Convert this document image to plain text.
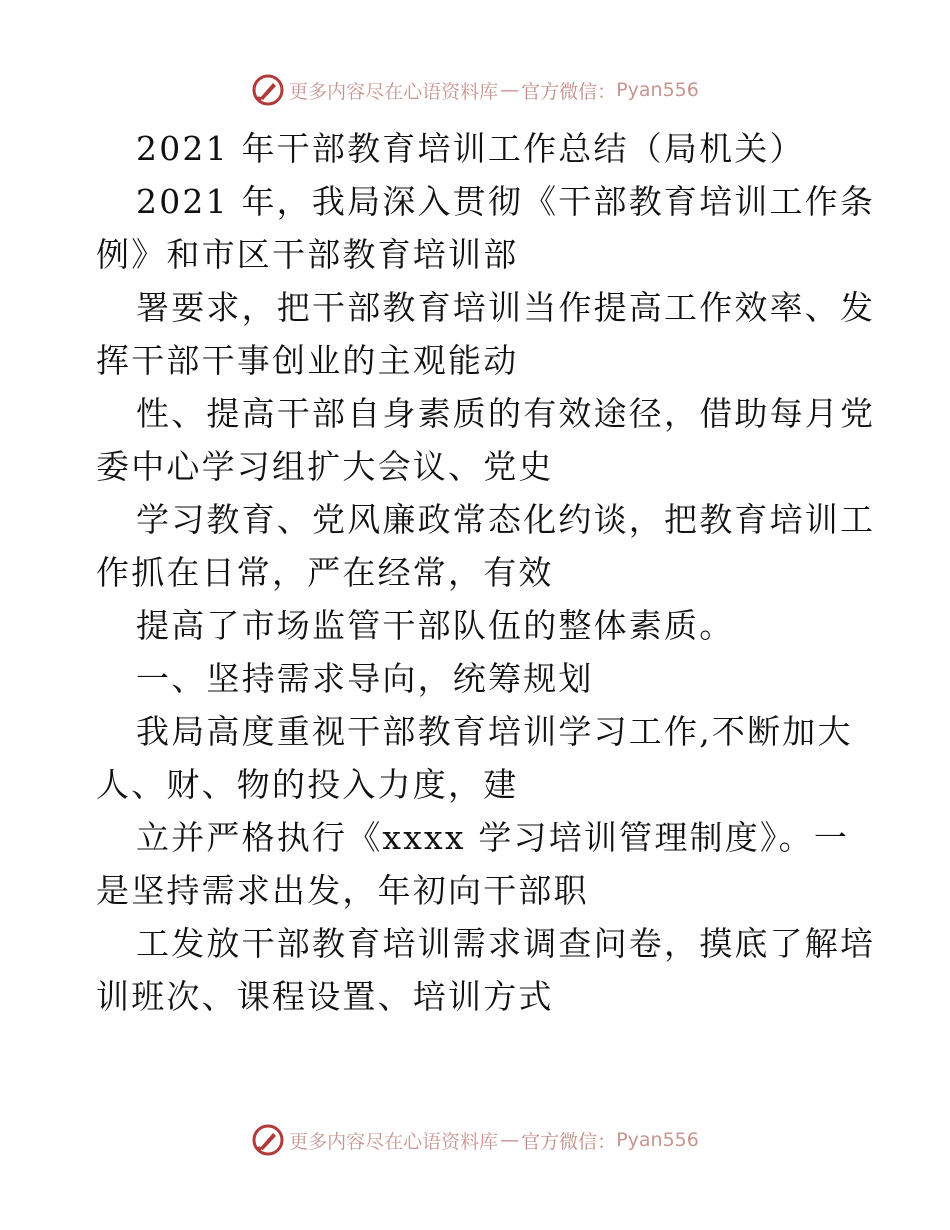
更多内容尽在心语资料库 — 官方微信： Pyan556
2021 年干部教育培训工作总结（局机关）
2021 年，我局深入贯彻《干部教育培训工作条
例》和市区干部教育培训部
署要求，把干部教育培训当作提高工作效率、发
挥干部干事创业的主观能动
性、提高干部自身素质的有效途径，借助每月党
委中心学习组扩大会议、党史
学习教育、党风廉政常态化约谈，把教育培训工
作抓在日常，严在经常，有效
提高了市场监管干部队伍的整体素质。
一、坚持需求导向，统筹规划
我局高度重视干部教育培训学习工作,不断加大
人、财、物的投入力度，建
立并严格执行《xxxx 学习培训管理制度》。一
是坚持需求出发，年初向干部职
工发放干部教育培训需求调查问卷，摸底了解培
训班次、课程设置、培训方式
更多内容尽在心语资料库 — 官方微信： Pyan556
